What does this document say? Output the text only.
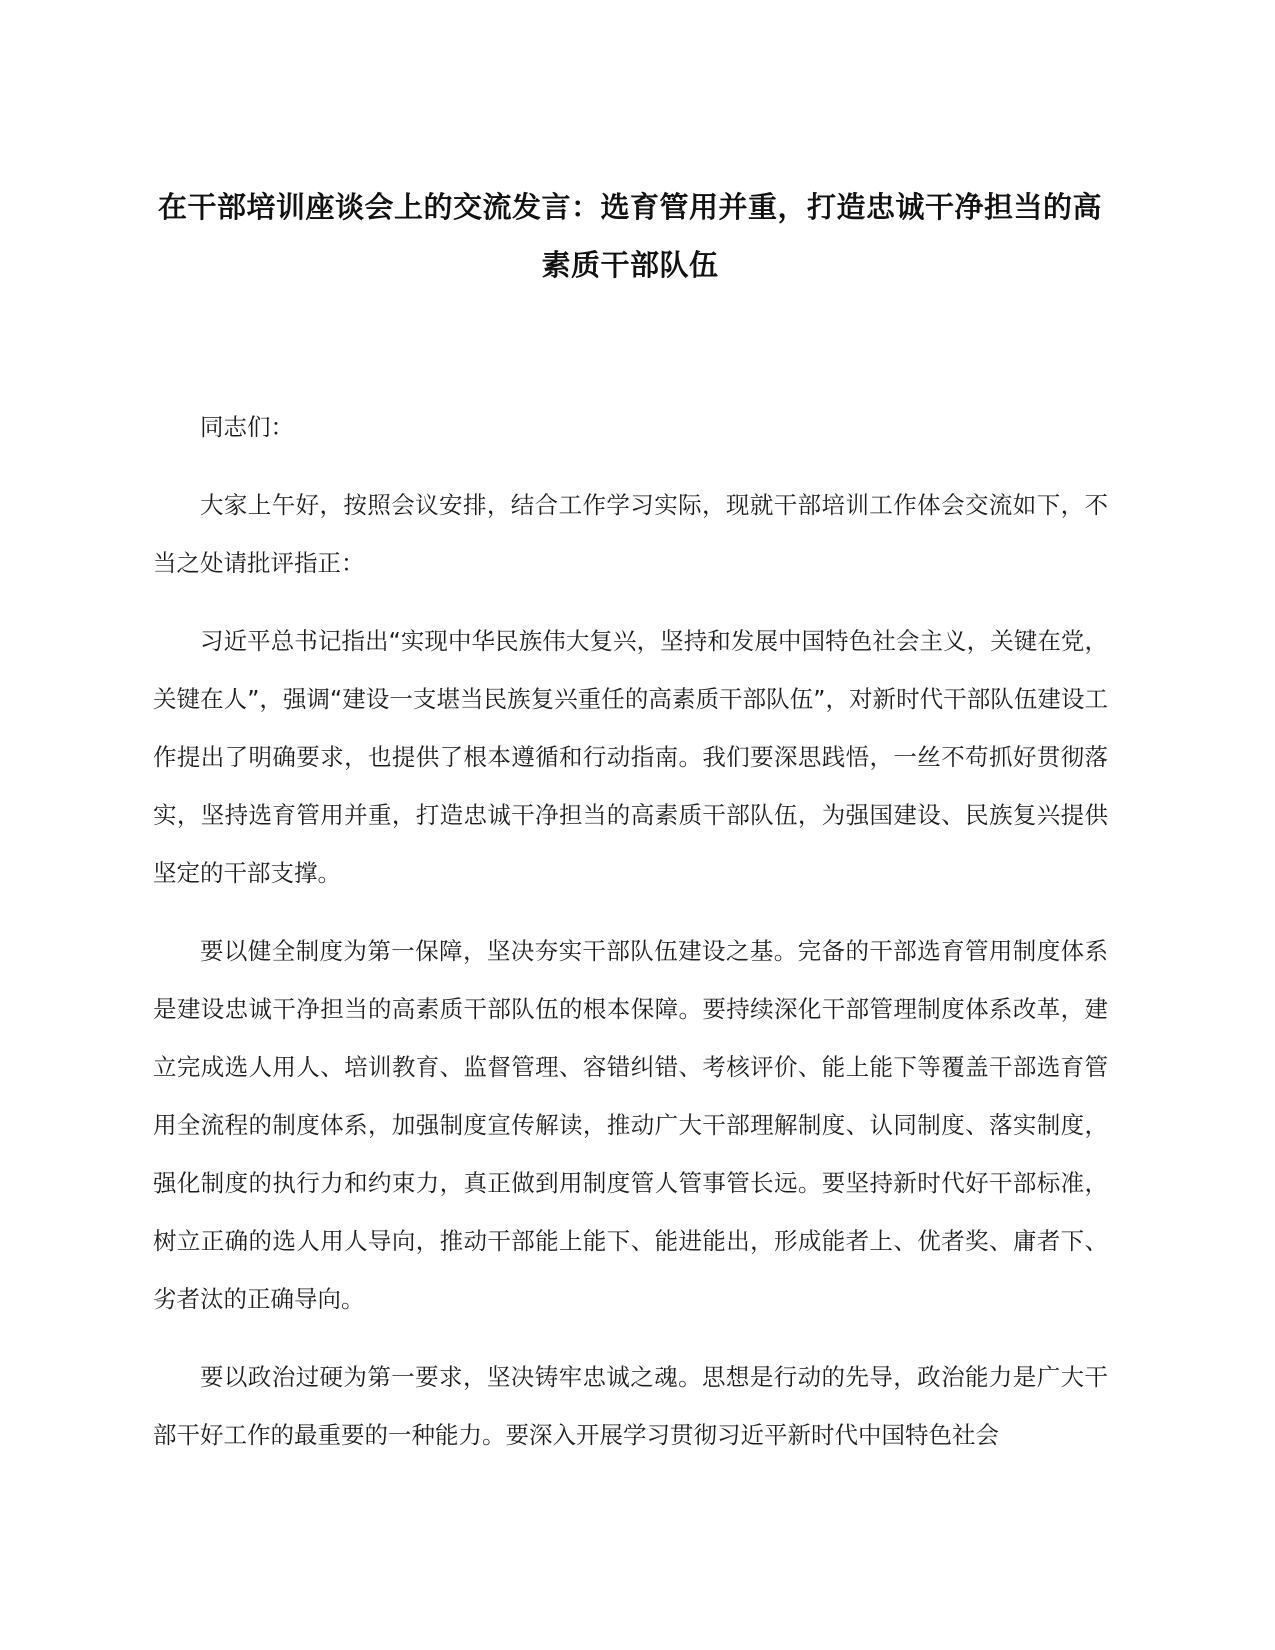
在干部培训座谈会上的交流发言：选育管用并重，打造忠诚干净担当的高素质干部队伍

同志们：

大家上午好，按照会议安排，结合工作学习实际，现就干部培训工作体会交流如下，不当之处请批评指正：

习近平总书记指出“实现中华民族伟大复兴，坚持和发展中国特色社会主义，关键在党，关键在人”，强调“建设一支堪当民族复兴重任的高素质干部队伍”，对新时代干部队伍建设工作提出了明确要求，也提供了根本遵循和行动指南。我们要深思践悟，一丝不苟抓好贯彻落实，坚持选育管用并重，打造忠诚干净担当的高素质干部队伍，为强国建设、民族复兴提供坚定的干部支撑。

要以健全制度为第一保障，坚决夯实干部队伍建设之基。完备的干部选育管用制度体系是建设忠诚干净担当的高素质干部队伍的根本保障。要持续深化干部管理制度体系改革，建立完成选人用人、培训教育、监督管理、容错纠错、考核评价、能上能下等覆盖干部选育管用全流程的制度体系，加强制度宣传解读，推动广大干部理解制度、认同制度、落实制度，强化制度的执行力和约束力，真正做到用制度管人管事管长远。要坚持新时代好干部标准，树立正确的选人用人导向，推动干部能上能下、能进能出，形成能者上、优者奖、庸者下、劣者汰的正确导向。

要以政治过硬为第一要求，坚决铸牢忠诚之魂。思想是行动的先导，政治能力是广大干部干好工作的最重要的一种能力。要深入开展学习贯彻习近平新时代中国特色社会
